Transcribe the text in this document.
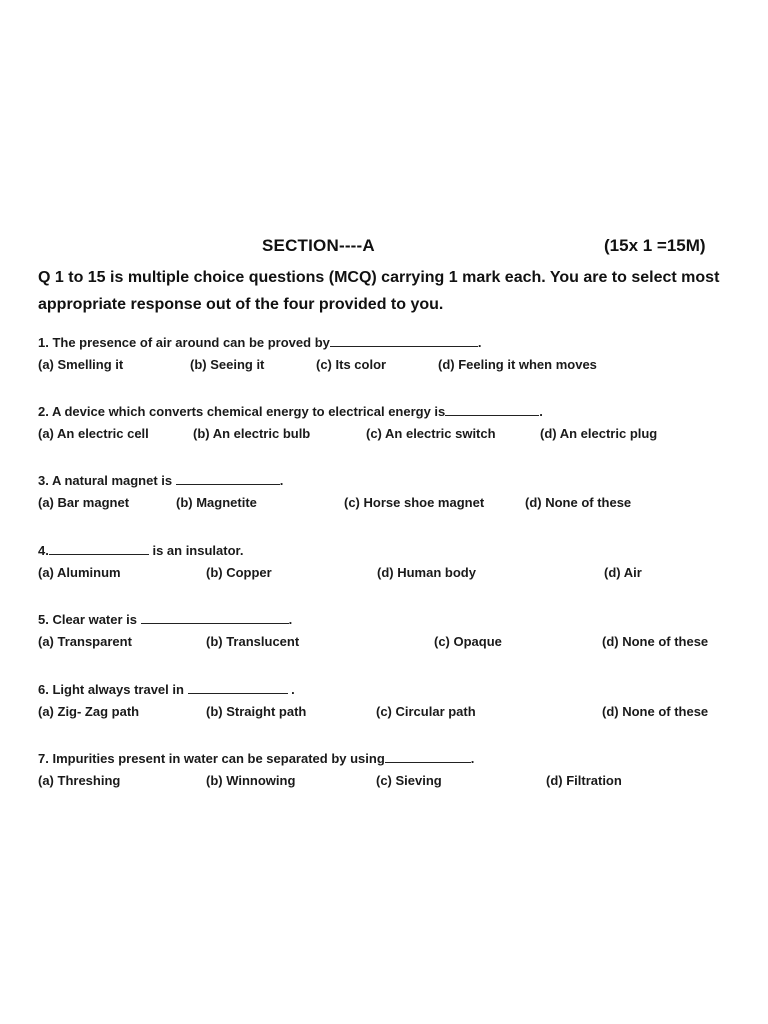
SECTION----A	(15x 1 =15M)
Q 1 to 15 is multiple choice questions (MCQ) carrying 1 mark each. You are to select most appropriate response out of the four provided to you.
1. The presence of air around can be proved by	.
(a) Smelling it	(b) Seeing it	(c) Its color	(d) Feeling it when moves
2. A device which converts chemical energy to electrical energy is	.
(a) An electric cell	(b) An electric bulb	(c) An electric switch	(d) An electric plug
3. A natural magnet is	.
(a) Bar magnet	(b) Magnetite	(c) Horse shoe magnet	(d) None of these
4.	is an insulator.
(a) Aluminum	(b) Copper	(d) Human body	(d) Air
5. Clear water is	.
(a) Transparent	(b) Translucent	(c) Opaque	(d) None of these
6. Light always travel in	.
(a) Zig- Zag path	(b) Straight path	(c) Circular path	(d) None of these
7. Impurities present in water can be separated by using	.
(a) Threshing	(b) Winnowing	(c) Sieving	(d) Filtration
